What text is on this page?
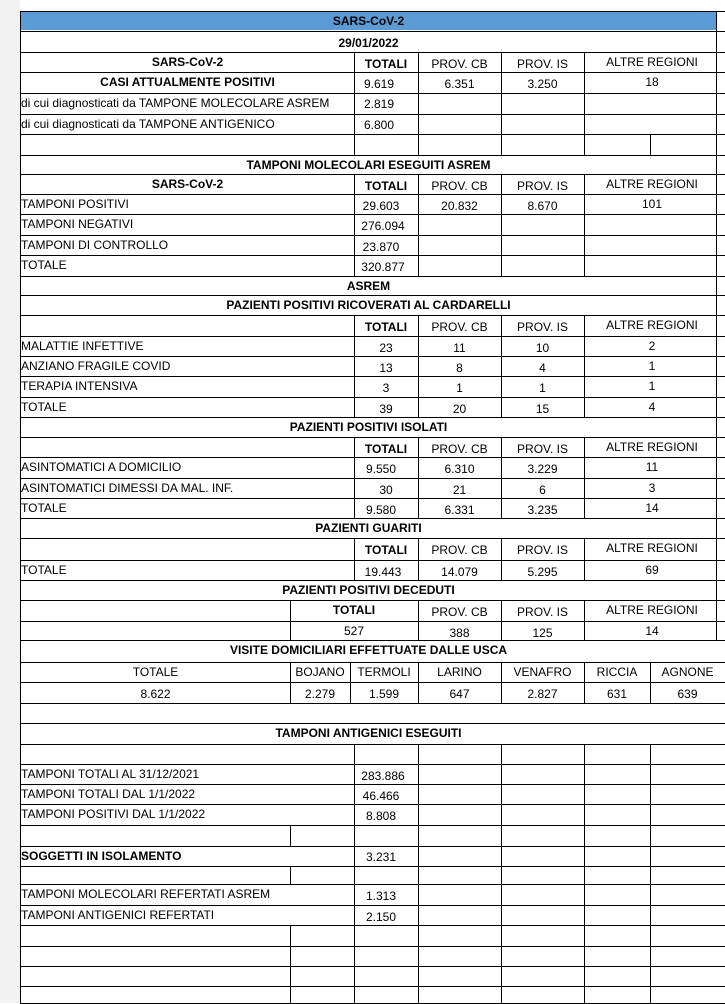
SARS-CoV-2
29/01/2022
SARS-CoV-2	TOTALI	PROV. CB	PROV. IS	ALTRE REGIONI
CASI ATTUALMENTE POSITIVI	9.619	6.351	3.250	18
di cui diagnosticati da TAMPONE MOLECOLARE ASREM	2.819
di cui diagnosticati da TAMPONE ANTIGENICO	6.800
TAMPONI MOLECOLARI ESEGUITI ASREM
SARS-CoV-2	TOTALI	PROV. CB	PROV. IS	ALTRE REGIONI
TAMPONI POSITIVI	29.603	20.832	8.670	101
TAMPONI NEGATIVI	276.094
TAMPONI DI CONTROLLO	23.870
TOTALE	320.877
ASREM
PAZIENTI POSITIVI RICOVERATI AL CARDARELLI
TOTALI	PROV. CB	PROV. IS	ALTRE REGIONI
MALATTIE INFETTIVE	23	11	10	2
ANZIANO FRAGILE COVID	13	8	4	1
TERAPIA INTENSIVA	3	1	1	1
TOTALE	39	20	15	4
PAZIENTI POSITIVI ISOLATI
TOTALI	PROV. CB	PROV. IS	ALTRE REGIONI
ASINTOMATICI A DOMICILIO	9.550	6.310	3.229	11
ASINTOMATICI DIMESSI DA MAL. INF.	30	21	6	3
TOTALE	9.580	6.331	3.235	14
PAZIENTI GUARITI
TOTALI	PROV. CB	PROV. IS	ALTRE REGIONI
TOTALE	19.443	14.079	5.295	69
PAZIENTI POSITIVI DECEDUTI
TOTALI	PROV. CB	PROV. IS	ALTRE REGIONI
527	388	125	14
VISITE DOMICILIARI EFFETTUATE DALLE USCA
TOTALE	BOJANO	TERMOLI	LARINO	VENAFRO	RICCIA	AGNONE
8.622	2.279	1.599	647	2.827	631	639
TAMPONI ANTIGENICI ESEGUITI
TAMPONI TOTALI AL 31/12/2021	283.886
TAMPONI TOTALI DAL 1/1/2022	46.466
TAMPONI POSITIVI DAL 1/1/2022	8.808
SOGGETTI IN ISOLAMENTO	3.231
TAMPONI MOLECOLARI REFERTATI ASREM	1.313
TAMPONI ANTIGENICI REFERTATI	2.150
